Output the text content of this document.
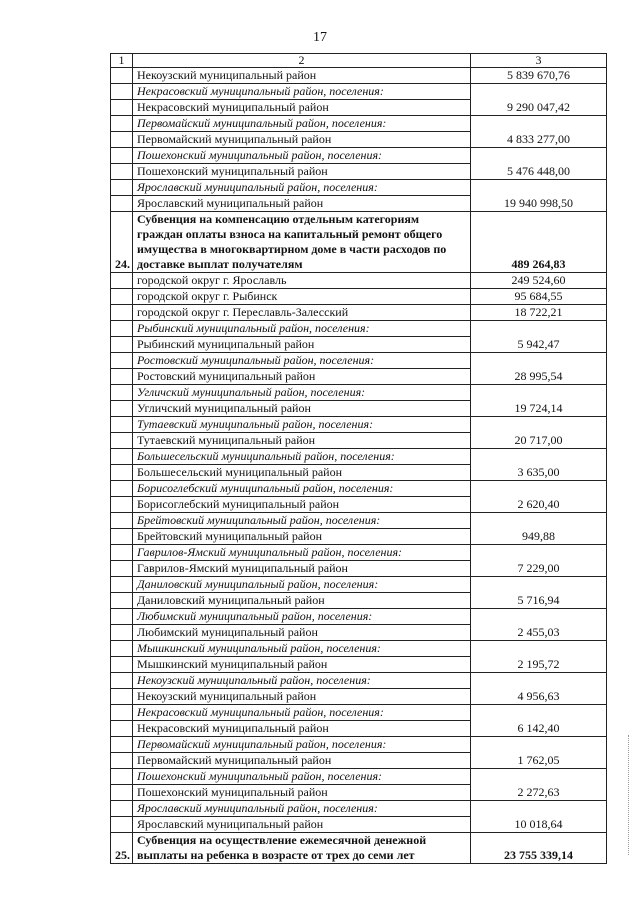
17
1	2	3
	Некоузский муниципальный район	5 839 670,76
	Некрасовский муниципальный район, поселения:	
	Некрасовский муниципальный район	9 290 047,42
	Первомайский муниципальный район, поселения:	
	Первомайский муниципальный район	4 833 277,00
	Пошехонский муниципальный район, поселения:	
	Пошехонский муниципальный район	5 476 448,00
	Ярославский муниципальный район, поселения:	
	Ярославский муниципальный район	19 940 998,50
24.	Субвенция на компенсацию отдельным категориям граждан оплаты взноса на капитальный ремонт общего имущества в многоквартирном доме в части расходов по доставке выплат получателям	489 264,83
	городской округ г. Ярославль	249 524,60
	городской округ г. Рыбинск	95 684,55
	городской округ г. Переславль-Залесский	18 722,21
	Рыбинский муниципальный район, поселения:	
	Рыбинский муниципальный район	5 942,47
	Ростовский муниципальный район, поселения:	
	Ростовский муниципальный район	28 995,54
	Угличский муниципальный район, поселения:	
	Угличский муниципальный район	19 724,14
	Тутаевский муниципальный район, поселения:	
	Тутаевский муниципальный район	20 717,00
	Большесельский муниципальный район, поселения:	
	Большесельский муниципальный район	3 635,00
	Борисоглебский муниципальный район, поселения:	
	Борисоглебский муниципальный район	2 620,40
	Брейтовский муниципальный район, поселения:	
	Брейтовский муниципальный район	949,88
	Гаврилов-Ямский муниципальный район, поселения:	
	Гаврилов-Ямский муниципальный район	7 229,00
	Даниловский муниципальный район, поселения:	
	Даниловский муниципальный район	5 716,94
	Любимский муниципальный район, поселения:	
	Любимский муниципальный район	2 455,03
	Мышкинский муниципальный район, поселения:	
	Мышкинский муниципальный район	2 195,72
	Некоузский муниципальный район, поселения:	
	Некоузский муниципальный район	4 956,63
	Некрасовский муниципальный район, поселения:	
	Некрасовский муниципальный район	6 142,40
	Первомайский муниципальный район, поселения:	
	Первомайский муниципальный район	1 762,05
	Пошехонский муниципальный район, поселения:	
	Пошехонский муниципальный район	2 272,63
	Ярославский муниципальный район, поселения:	
	Ярославский муниципальный район	10 018,64
25.	Субвенция на осуществление ежемесячной денежной выплаты на ребенка в возрасте от трех до семи лет	23 755 339,14
